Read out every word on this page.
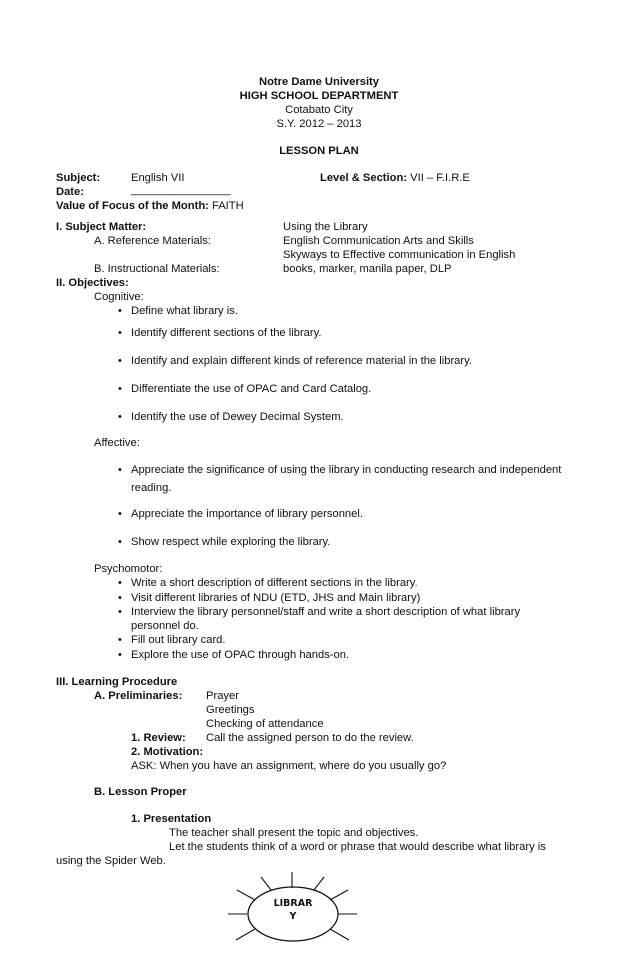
Notre Dame University
HIGH SCHOOL DEPARTMENT
Cotabato City
S.Y. 2012 – 2013
LESSON PLAN
Subject:	English VII	Level & Section: VII – F.I.R.E
Date:	________________
Value of Focus of the Month: FAITH
I. Subject Matter:	Using the Library
A. Reference Materials:	English Communication Arts and Skills
Skyways to Effective communication in English
B. Instructional Materials:	books, marker, manila paper, DLP
II. Objectives:
Cognitive:
• Define what library is.
• Identify different sections of the library.
• Identify and explain different kinds of reference material in the library.
• Differentiate the use of OPAC and Card Catalog.
• Identify the use of Dewey Decimal System.
Affective:
• Appreciate the significance of using the library in conducting research and independent
reading.
• Appreciate the importance of library personnel.
• Show respect while exploring the library.
Psychomotor:
• Write a short description of different sections in the library.
• Visit different libraries of NDU (ETD, JHS and Main library)
• Interview the library personnel/staff and write a short description of what library
personnel do.
• Fill out library card.
• Explore the use of OPAC through hands-on.
III. Learning Procedure
A. Preliminaries: Prayer
Greetings
Checking of attendance
1. Review: Call the assigned person to do the review.
2. Motivation:
ASK: When you have an assignment, where do you usually go?
B. Lesson Proper
1. Presentation
The teacher shall present the topic and objectives.
Let the students think of a word or phrase that would describe what library is
using the Spider Web.
LIBRAR
Y
